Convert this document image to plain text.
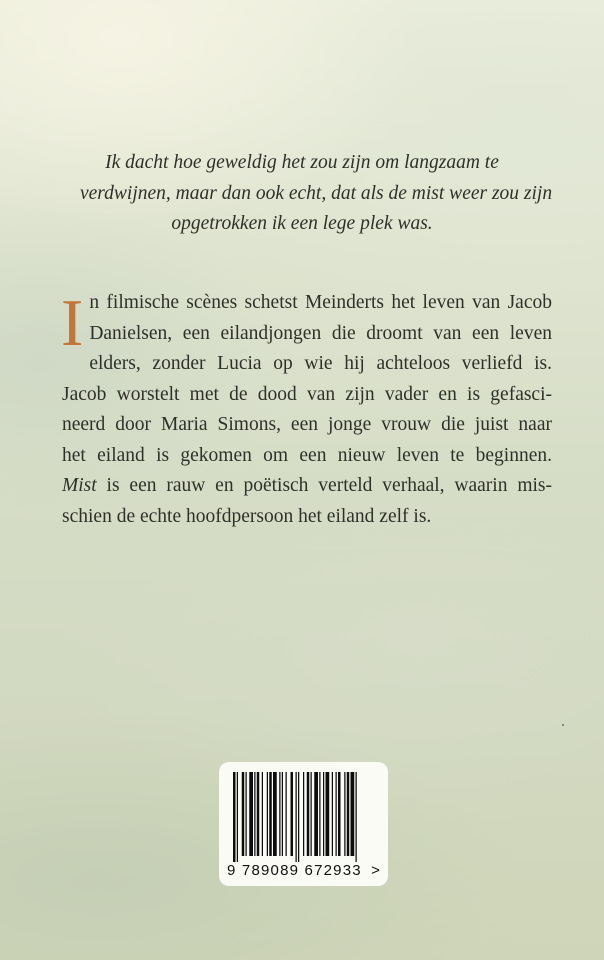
Ik dacht hoe geweldig het zou zijn om langzaam te
verdwijnen, maar dan ook echt, dat als de mist weer zou zijn
opgetrokken ik een lege plek was.

I n filmische scènes schetst Meinderts het leven van Jacob
Danielsen, een eilandjongen die droomt van een leven
elders, zonder Lucia op wie hij achteloos verliefd is.
Jacob worstelt met de dood van zijn vader en is gefasci-
neerd door Maria Simons, een jonge vrouw die juist naar
het eiland is gekomen om een nieuw leven te beginnen.
Mist is een rauw en poëtisch verteld verhaal, waarin mis-
schien de echte hoofdpersoon het eiland zelf is.
9 789089 672933 >
